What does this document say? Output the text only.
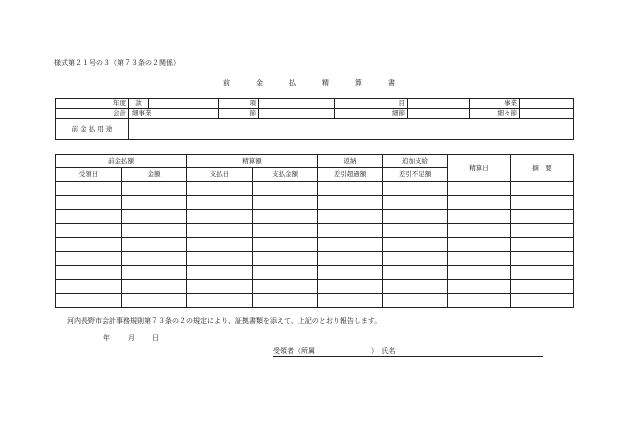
様式第２１号の３（第７３条の２関係）
前	金	払	精	算	書
年度	款		項		目		事業	
会計	細事業		節		細節		細々節	
前 金 払 用 途								
前金払額		精算額		返納	追加支給	精算日	摘　要
受領日	金額	支払日	支払金額	差引超過額	差引不足額		

河内長野市会計事務規則第７３条の２の規定により、証拠書類を添えて、上記のとおり報告します。
年	月 日
受領者（所属　　　　　　　　）　氏名
